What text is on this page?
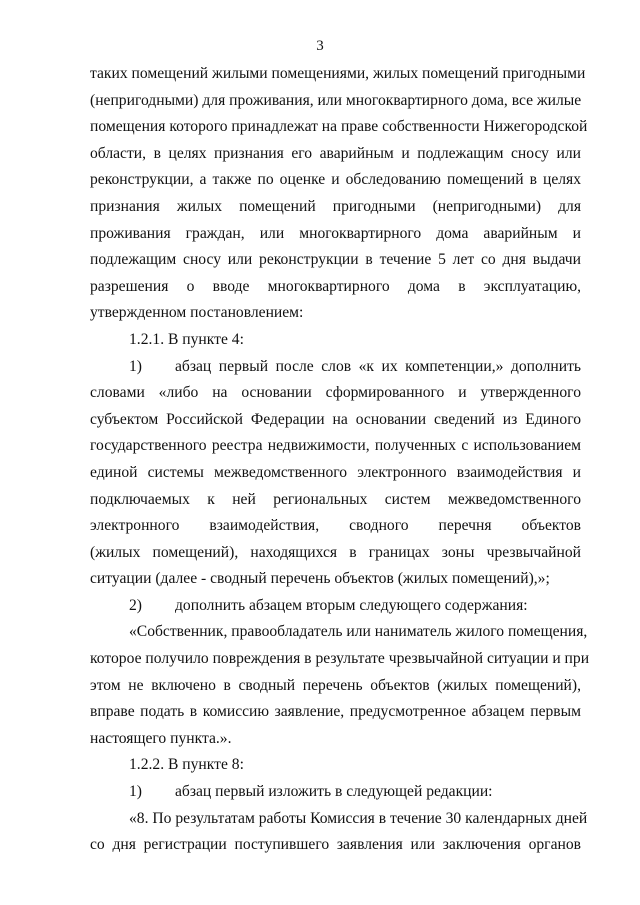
3
таких помещений жилыми помещениями, жилых помещений пригодными
(непригодными) для проживания, или многоквартирного дома, все жилые
помещения которого принадлежат на праве собственности Нижегородской
области, в целях признания его аварийным и подлежащим сносу или
реконструкции, а также по оценке и обследованию помещений в целях
признания жилых помещений пригодными (непригодными) для
проживания граждан, или многоквартирного дома аварийным и
подлежащим сносу или реконструкции в течение 5 лет со дня выдачи
разрешения о вводе многоквартирного дома в эксплуатацию,
утвержденном постановлением:
1.2.1. В пункте 4:
1) абзац первый после слов «к их компетенции,» дополнить
словами «либо на основании сформированного и утвержденного
субъектом Российской Федерации на основании сведений из Единого
государственного реестра недвижимости, полученных с использованием
единой системы межведомственного электронного взаимодействия и
подключаемых к ней региональных систем межведомственного
электронного взаимодействия, сводного перечня объектов
(жилых помещений), находящихся в границах зоны чрезвычайной
ситуации (далее - сводный перечень объектов (жилых помещений),»;
2) дополнить абзацем вторым следующего содержания:
«Собственник, правообладатель или наниматель жилого помещения,
которое получило повреждения в результате чрезвычайной ситуации и при
этом не включено в сводный перечень объектов (жилых помещений),
вправе подать в комиссию заявление, предусмотренное абзацем первым
настоящего пункта.».
1.2.2. В пункте 8:
1) абзац первый изложить в следующей редакции:
«8. По результатам работы Комиссия в течение 30 календарных дней
со дня регистрации поступившего заявления или заключения органов
